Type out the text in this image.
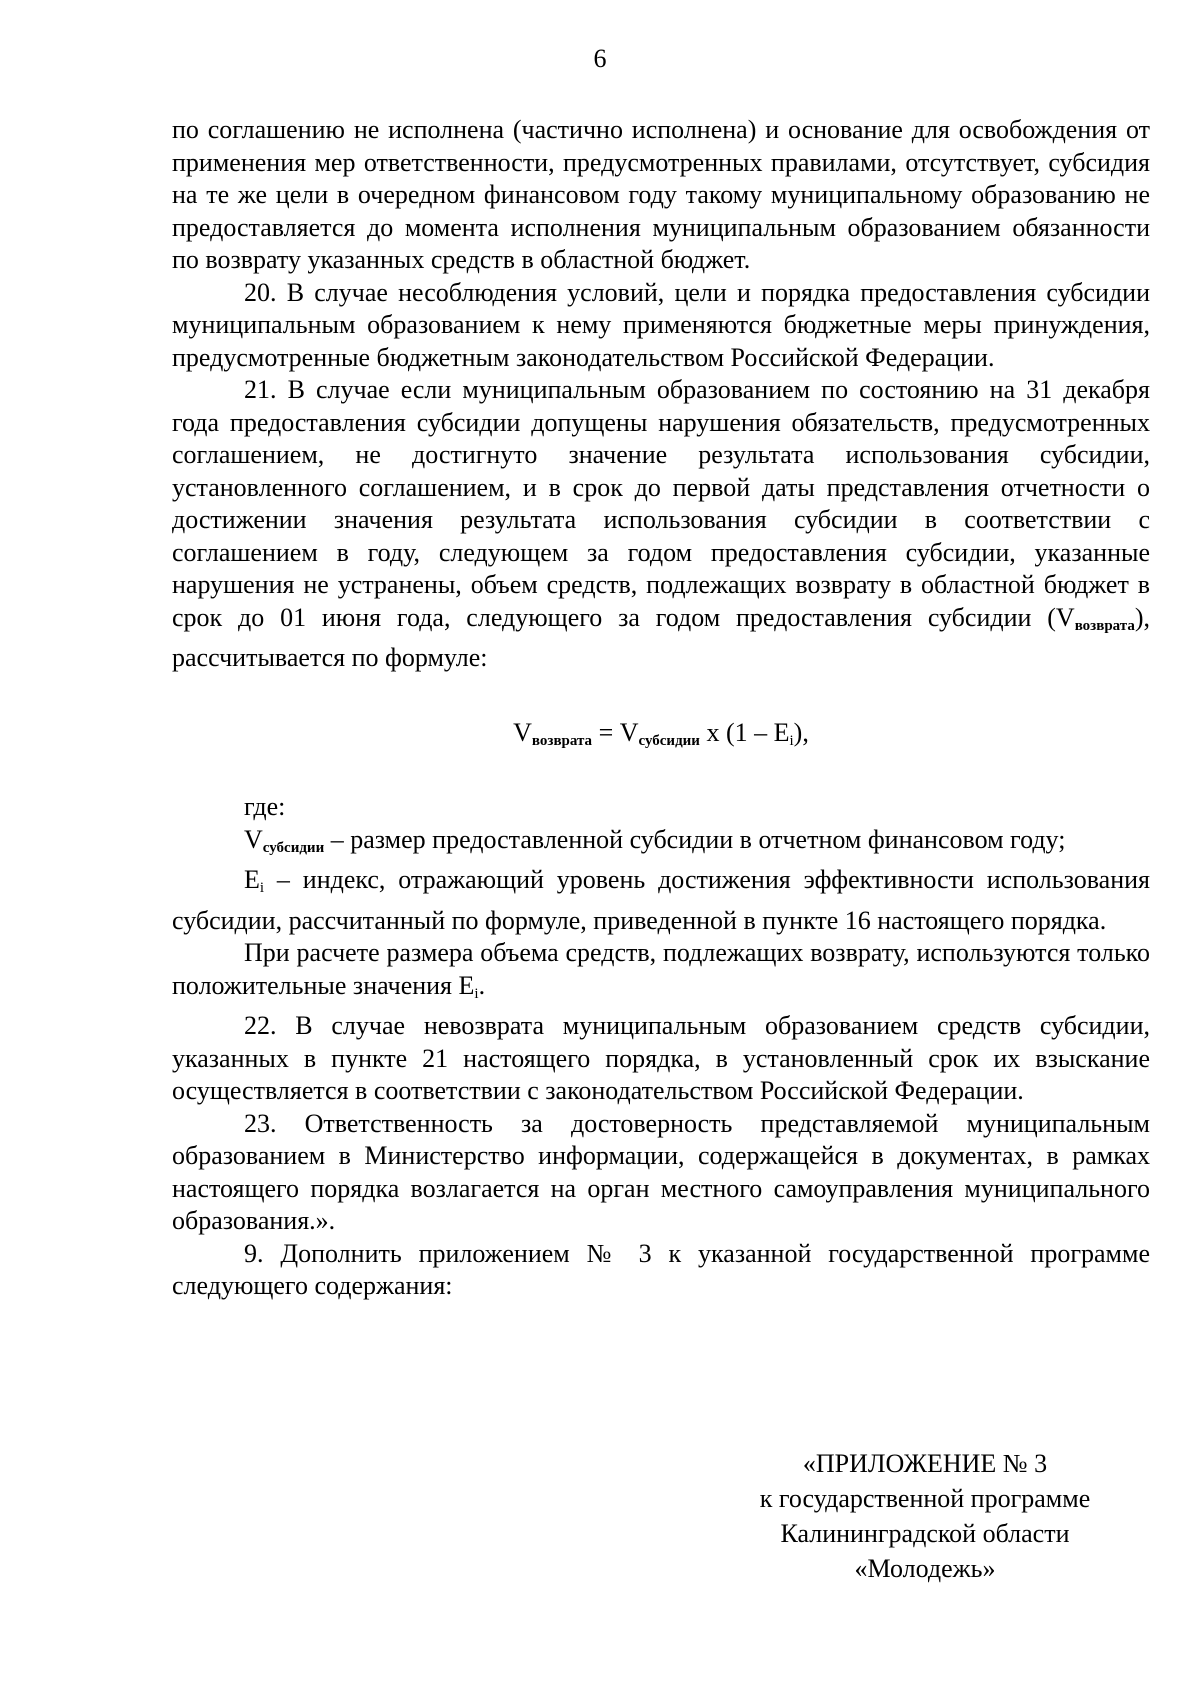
6

по соглашению не исполнена (частично исполнена) и основание для освобождения от применения мер ответственности, предусмотренных правилами, отсутствует, субсидия на те же цели в очередном финансовом году такому муниципальному образованию не предоставляется до момента исполнения муниципальным образованием обязанности по возврату указанных средств в областной бюджет.

20. В случае несоблюдения условий, цели и порядка предоставления субсидии муниципальным образованием к нему применяются бюджетные меры принуждения, предусмотренные бюджетным законодательством Российской Федерации.

21. В случае если муниципальным образованием по состоянию на 31 декабря года предоставления субсидии допущены нарушения обязательств, предусмотренных соглашением, не достигнуто значение результата использования субсидии, установленного соглашением, и в срок до первой даты представления отчетности о достижении значения результата использования субсидии в соответствии с соглашением в году, следующем за годом предоставления субсидии, указанные нарушения не устранены, объем средств, подлежащих возврату в областной бюджет в срок до 01 июня года, следующего за годом предоставления субсидии (Vвозврата), рассчитывается по формуле:

$V_{возврата} = V_{субсидии}$ x (1 – Ei),

где:

Vсубсидии – размер предоставленной субсидии в отчетном финансовом году;

Ei – индекс, отражающий уровень достижения эффективности использования субсидии, рассчитанный по формуле, приведенной в пункте 16 настоящего порядка.

При расчете размера объема средств, подлежащих возврату, используются только положительные значения Ei.

22. В случае невозврата муниципальным образованием средств субсидии, указанных в пункте 21 настоящего порядка, в установленный срок их взыскание осуществляется в соответствии с законодательством Российской Федерации.

23. Ответственность за достоверность представляемой муниципальным образованием в Министерство информации, содержащейся в документах, в рамках настоящего порядка возлагается на орган местного самоуправления муниципального образования.».

9. Дополнить приложением № 3 к указанной государственной программе следующего содержания:

«ПРИЛОЖЕНИЕ № 3
к государственной программе
Калининградской области
«Молодежь»
